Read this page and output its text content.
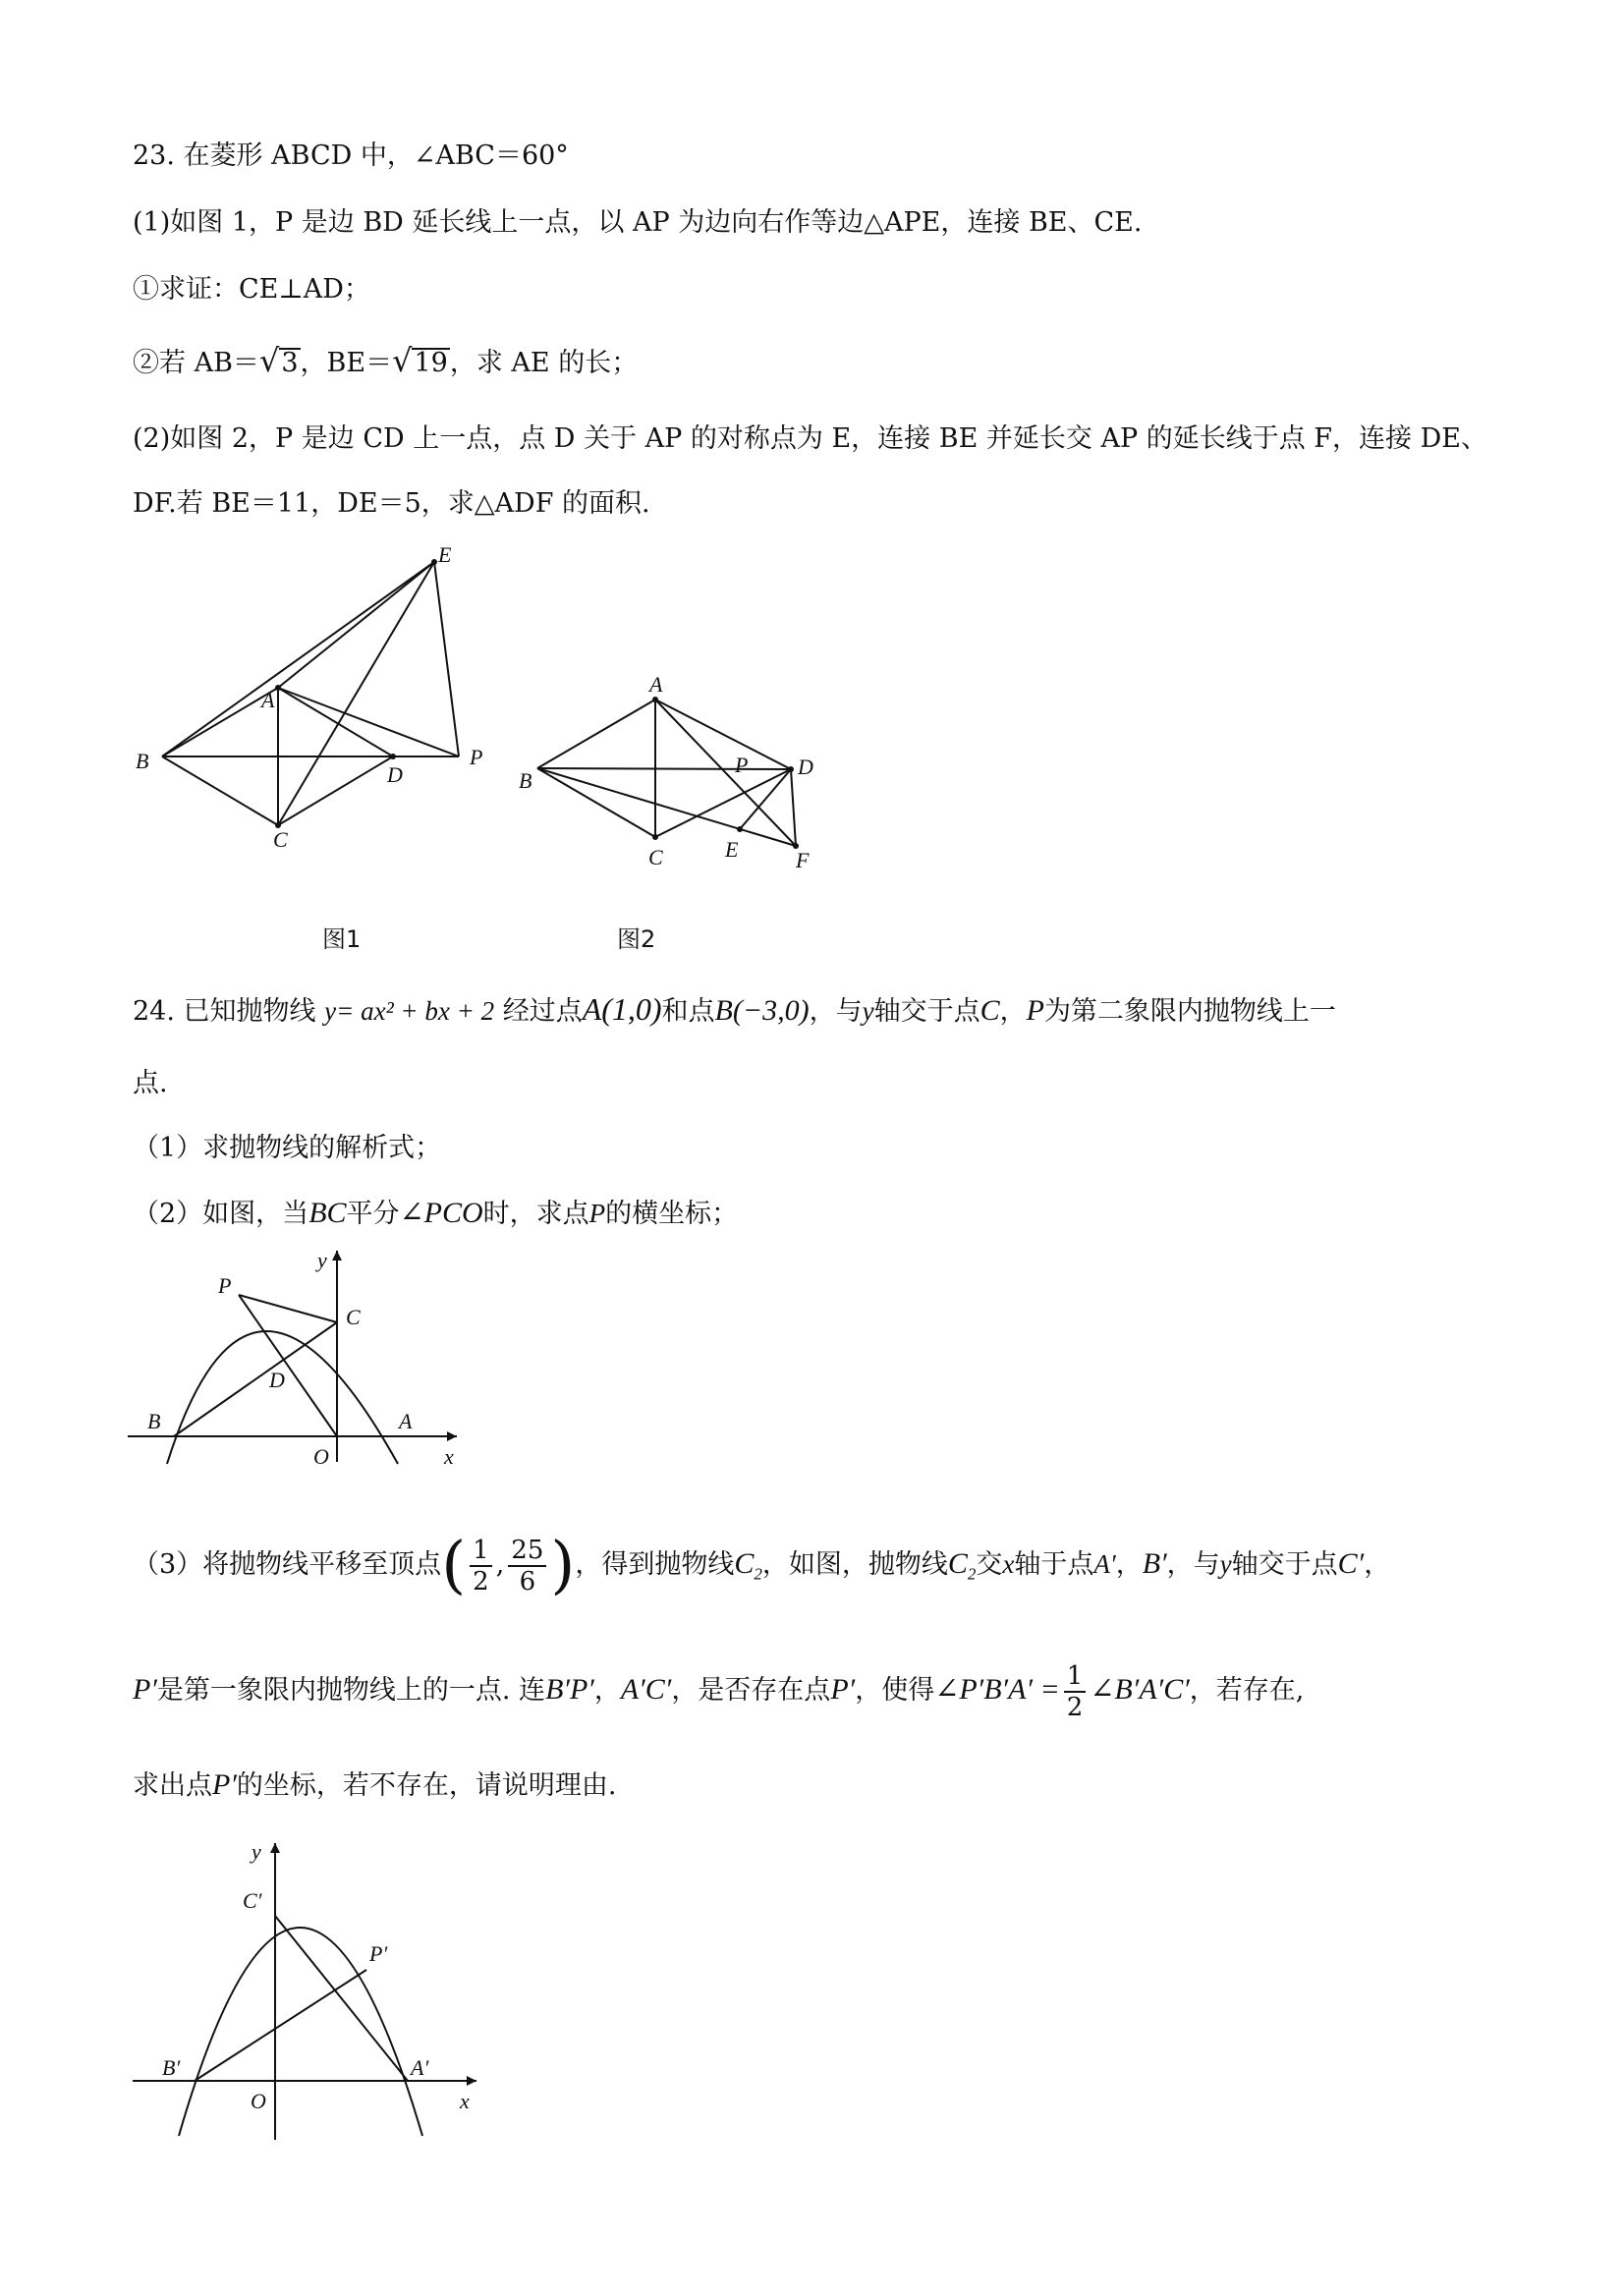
23. 在菱形 ABCD 中，∠ABC＝60°
(1)如图 1，P 是边 BD 延长线上一点，以 AP 为边向右作等边△APE，连接 BE、CE.
①求证：CE⊥AD；
②若 AB＝√3，BE＝√19，求 AE 的长；
(2)如图 2，P 是边 CD 上一点，点 D 关于 AP 的对称点为 E，连接 BE 并延长交 AP 的延长线于点 F，连接 DE、
DF.若 BE＝11，DE＝5，求△ADF 的面积.
E
A
B
D
P
C
图1
A
B
P D
E
C	F
图2
24. 已知抛物线 y= ax² + bx + 2 经过点A(1,0)和点B(−3,0)，与y轴交于点C，P为第二象限内抛物线上一
点.
（1）求抛物线的解析式；
（2）如图，当BC平分∠PCO时，求点P的横坐标；
y
P
C
D
B	A
O	x
（3）将抛物线平移至顶点( $\frac{1}{2}$ , $\frac{25}{6}$ )，得到抛物线$C_2$，如图，抛物线$C_2$交x轴于点A′，B′，与y轴交于点C′，
P′是第一象限内抛物线上的一点. 连B′P′，A′C′，是否存在点P′，使得∠P′B′A′ = $\frac{1}{2}$ ∠B′A′C′，若存在,
求出点P′的坐标，若不存在，请说明理由.
y
C′
P′
B′	A′
O	x
